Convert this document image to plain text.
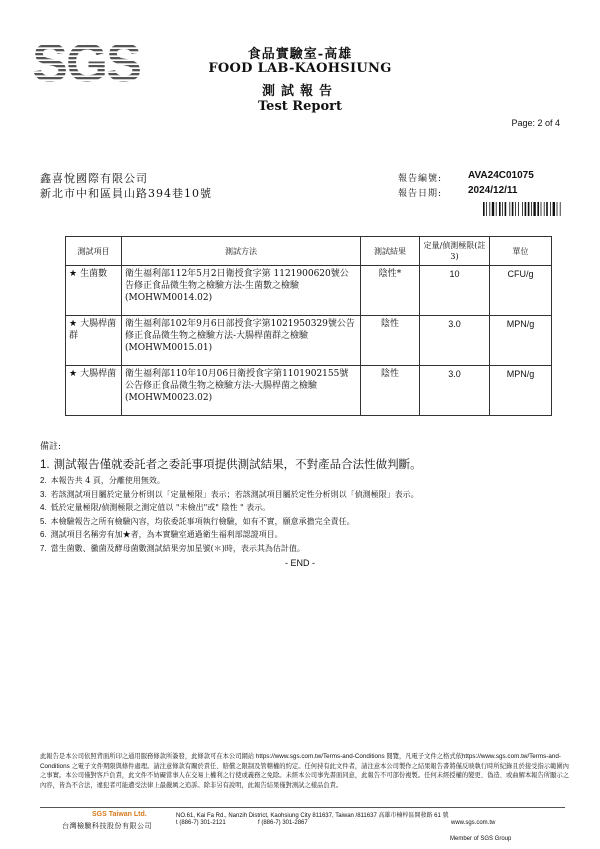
SGS	食品實驗室-高雄
FOOD LAB-KAOHSIUNG
測試報告
Test Report
Page: 2 of 4
鑫喜悅國際有限公司
新北市中和區員山路394巷10號
報告編號:	AVA24C01075
報告日期:	2024/12/11
測試項目	測試方法	測試結果	定量/偵測極限(註3)	單位
★ 生菌數	衛生福利部112年5月2日衛授食字第 1121900620號公告修正食品微生物之檢驗方法-生菌數之檢驗(MOHWM0014.02)	陰性*	10	CFU/g
★ 大腸桿菌群	衛生福利部102年9月6日部授食字第1021950329號公告修正食品微生物之檢驗方法-大腸桿菌群之檢驗(MOHWM0015.01)	陰性	3.0	MPN/g
★ 大腸桿菌	衛生福利部110年10月06日衛授食字第1101902155號公告修正食品微生物之檢驗方法-大腸桿菌之檢驗(MOHWM0023.02)	陰性	3.0	MPN/g
備註:
1. 測試報告僅就委託者之委託事項提供測試結果，不對產品合法性做判斷。
2. 本報告共 4 頁，分離使用無效。
3. 若該測試項目屬於定量分析則以「定量極限」表示；若該測試項目屬於定性分析則以「偵測極限」表示。
4. 低於定量極限/偵測極限之測定值以 "未檢出"或" 陰性 " 表示。
5. 本檢驗報告之所有檢驗內容，均依委託事項執行檢驗，如有不實，願意承擔完全責任。
6. 測試項目名稱旁有加★者，為本實驗室通過衛生福利部認證項目。
7. 當生菌數、黴菌及酵母菌數測試結果旁加星號(＊)時，表示其為估計值。
- END -
此報告是本公司依照背面所印之通用服務條款所簽發，此條款可在本公司網站 https://www.sgs.com.tw/Terms-and-Conditions 閱覽，凡電子文件之格式依https://www.sgs.com.tw/Terms-and-Conditions 之電子文件期限與條件處理。請注意條款有關於責任、賠償之限制及管轄權的約定。任何持有此文件者，請注意本公司製作之結果報告書將僅反映執行時所紀錄且於接受指示範圍內之事實。本公司僅對客戶負責，此文件不妨礙當事人在交易上權利之行使或義務之免除。未經本公司事先書面同意，此報告不可部份複製。任何未經授權的變更、偽造、或曲解本報告所顯示之內容，皆為不合法，違犯者可能遭受法律上最嚴厲之追訴。除非另有說明，此報告結果僅對測試之樣品負責。
SGS Taiwan Ltd.
台灣檢驗科技股份有限公司
NO.61, Kai Fa Rd., Nanzih District, Kaohsiung City 811637, Taiwan /811637 高雄市楠梓區開發路 61 號
t (886-7) 301-2121	f (886-7) 301-2867	www.sgs.com.tw
Member of SGS Group
